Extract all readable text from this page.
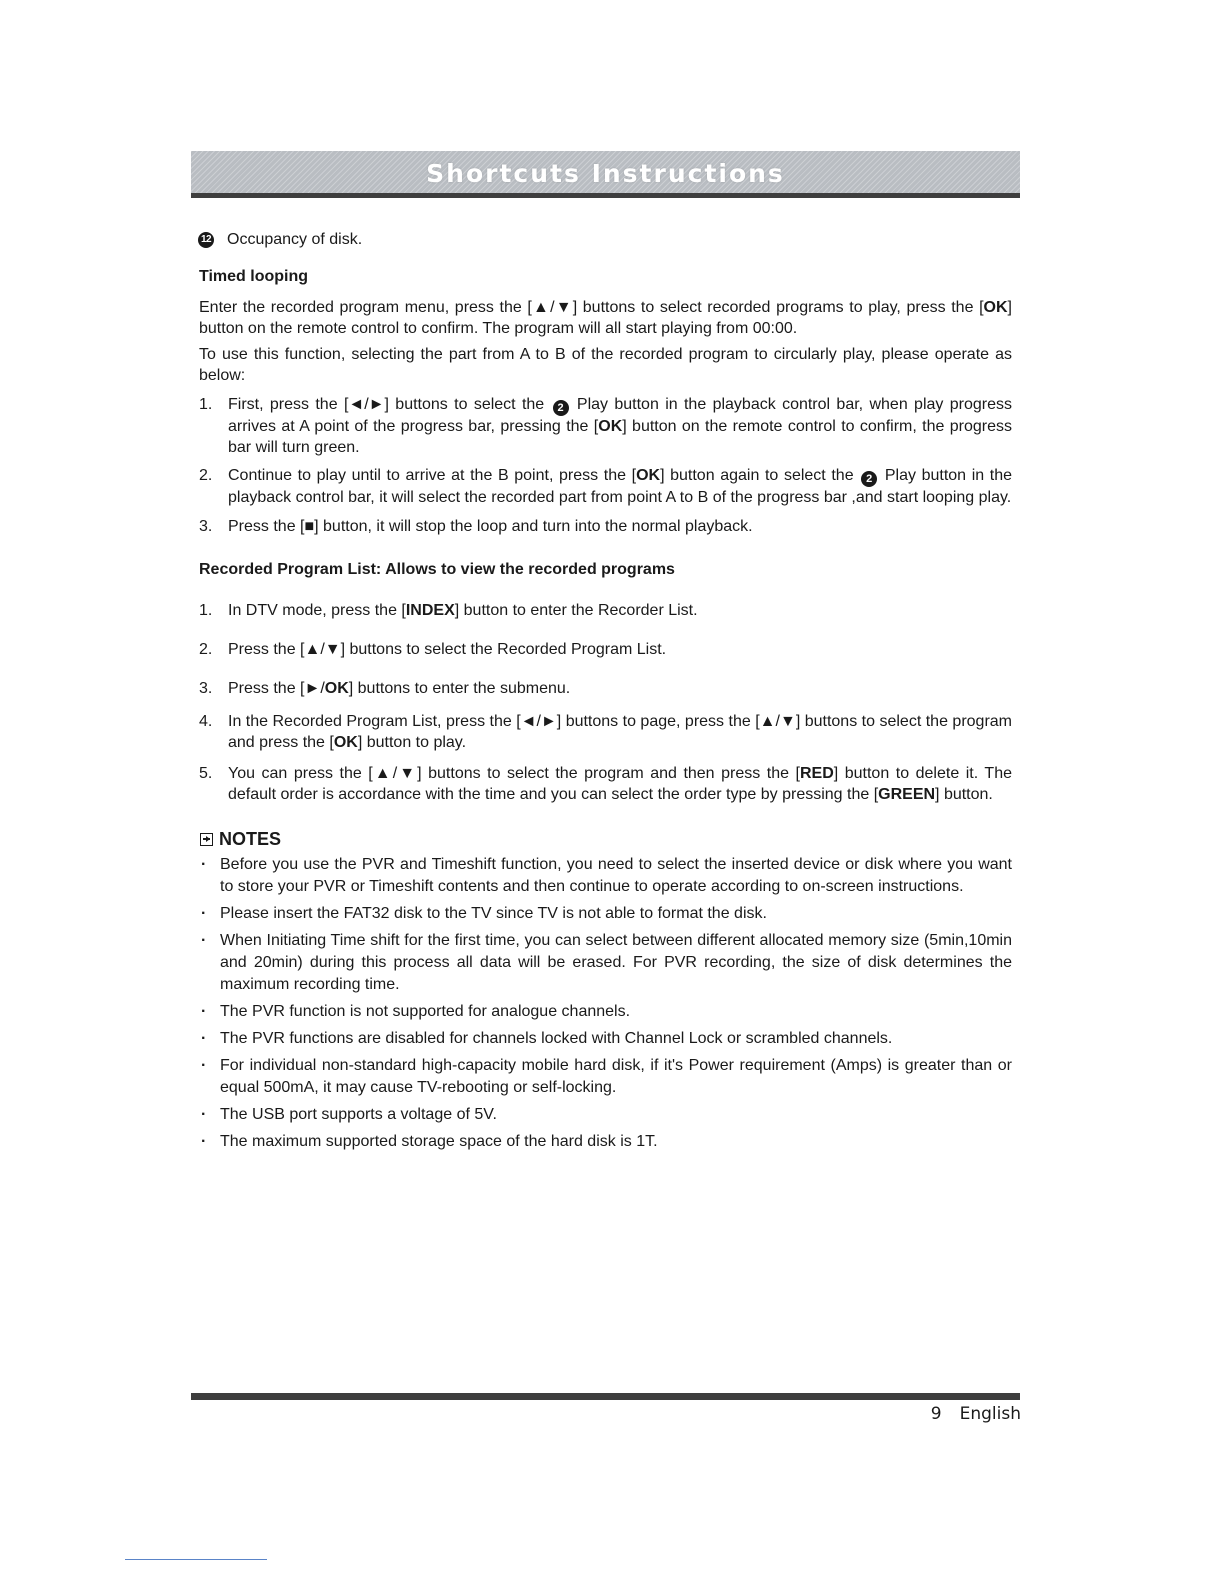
Shortcuts Instructions
12 Occupancy of disk.
Timed looping

Enter the recorded program menu, press the [▲/▼] buttons to select recorded programs to play, press the [OK] button on the remote control to confirm. The program will all start playing from 00:00.

To use this function, selecting the part from A to B of the recorded program to circularly play, please operate as below:

1. First, press the [◄/►] buttons to select the 2 Play button in the playback control bar, when play progress arrives at A point of the progress bar, pressing the [OK] button on the remote control to confirm, the progress bar will turn green.
2. Continue to play until to arrive at the B point, press the [OK] button again to select the 2 Play button in the playback control bar, it will select the recorded part from point A to B of the progress bar ,and start looping play.
3. Press the [■] button, it will stop the loop and turn into the normal playback.
Recorded Program List: Allows to view the recorded programs
1. In DTV mode, press the [INDEX] button to enter the Recorder List.
2. Press the [▲/▼] buttons to select the Recorded Program List.
3. Press the [►/OK] buttons to enter the submenu.
4. In the Recorded Program List, press the [◄/►] buttons to page, press the [▲/▼] buttons to select the program and press the [OK] button to play.
5. You can press the [▲/▼] buttons to select the program and then press the [RED] button to delete it. The default order is accordance with the time and you can select the order type by pressing the [GREEN] button.
NOTES
· Before you use the PVR and Timeshift function, you need to select the inserted device or disk where you want to store your PVR or Timeshift contents and then continue to operate according to on-screen instructions.
· Please insert the FAT32 disk to the TV since TV is not able to format the disk.
· When Initiating Time shift for the first time, you can select between different allocated memory size (5min,10min and 20min) during this process all data will be erased. For PVR recording, the size of disk determines the maximum recording time.
· The PVR function is not supported for analogue channels.
· The PVR functions are disabled for channels locked with Channel Lock or scrambled channels.
· For individual non-standard high-capacity mobile hard disk, if it's Power requirement (Amps) is greater than or equal 500mA, it may cause TV-rebooting or self-locking.
· The USB port supports a voltage of 5V.
· The maximum supported storage space of the hard disk is 1T.
9 English
